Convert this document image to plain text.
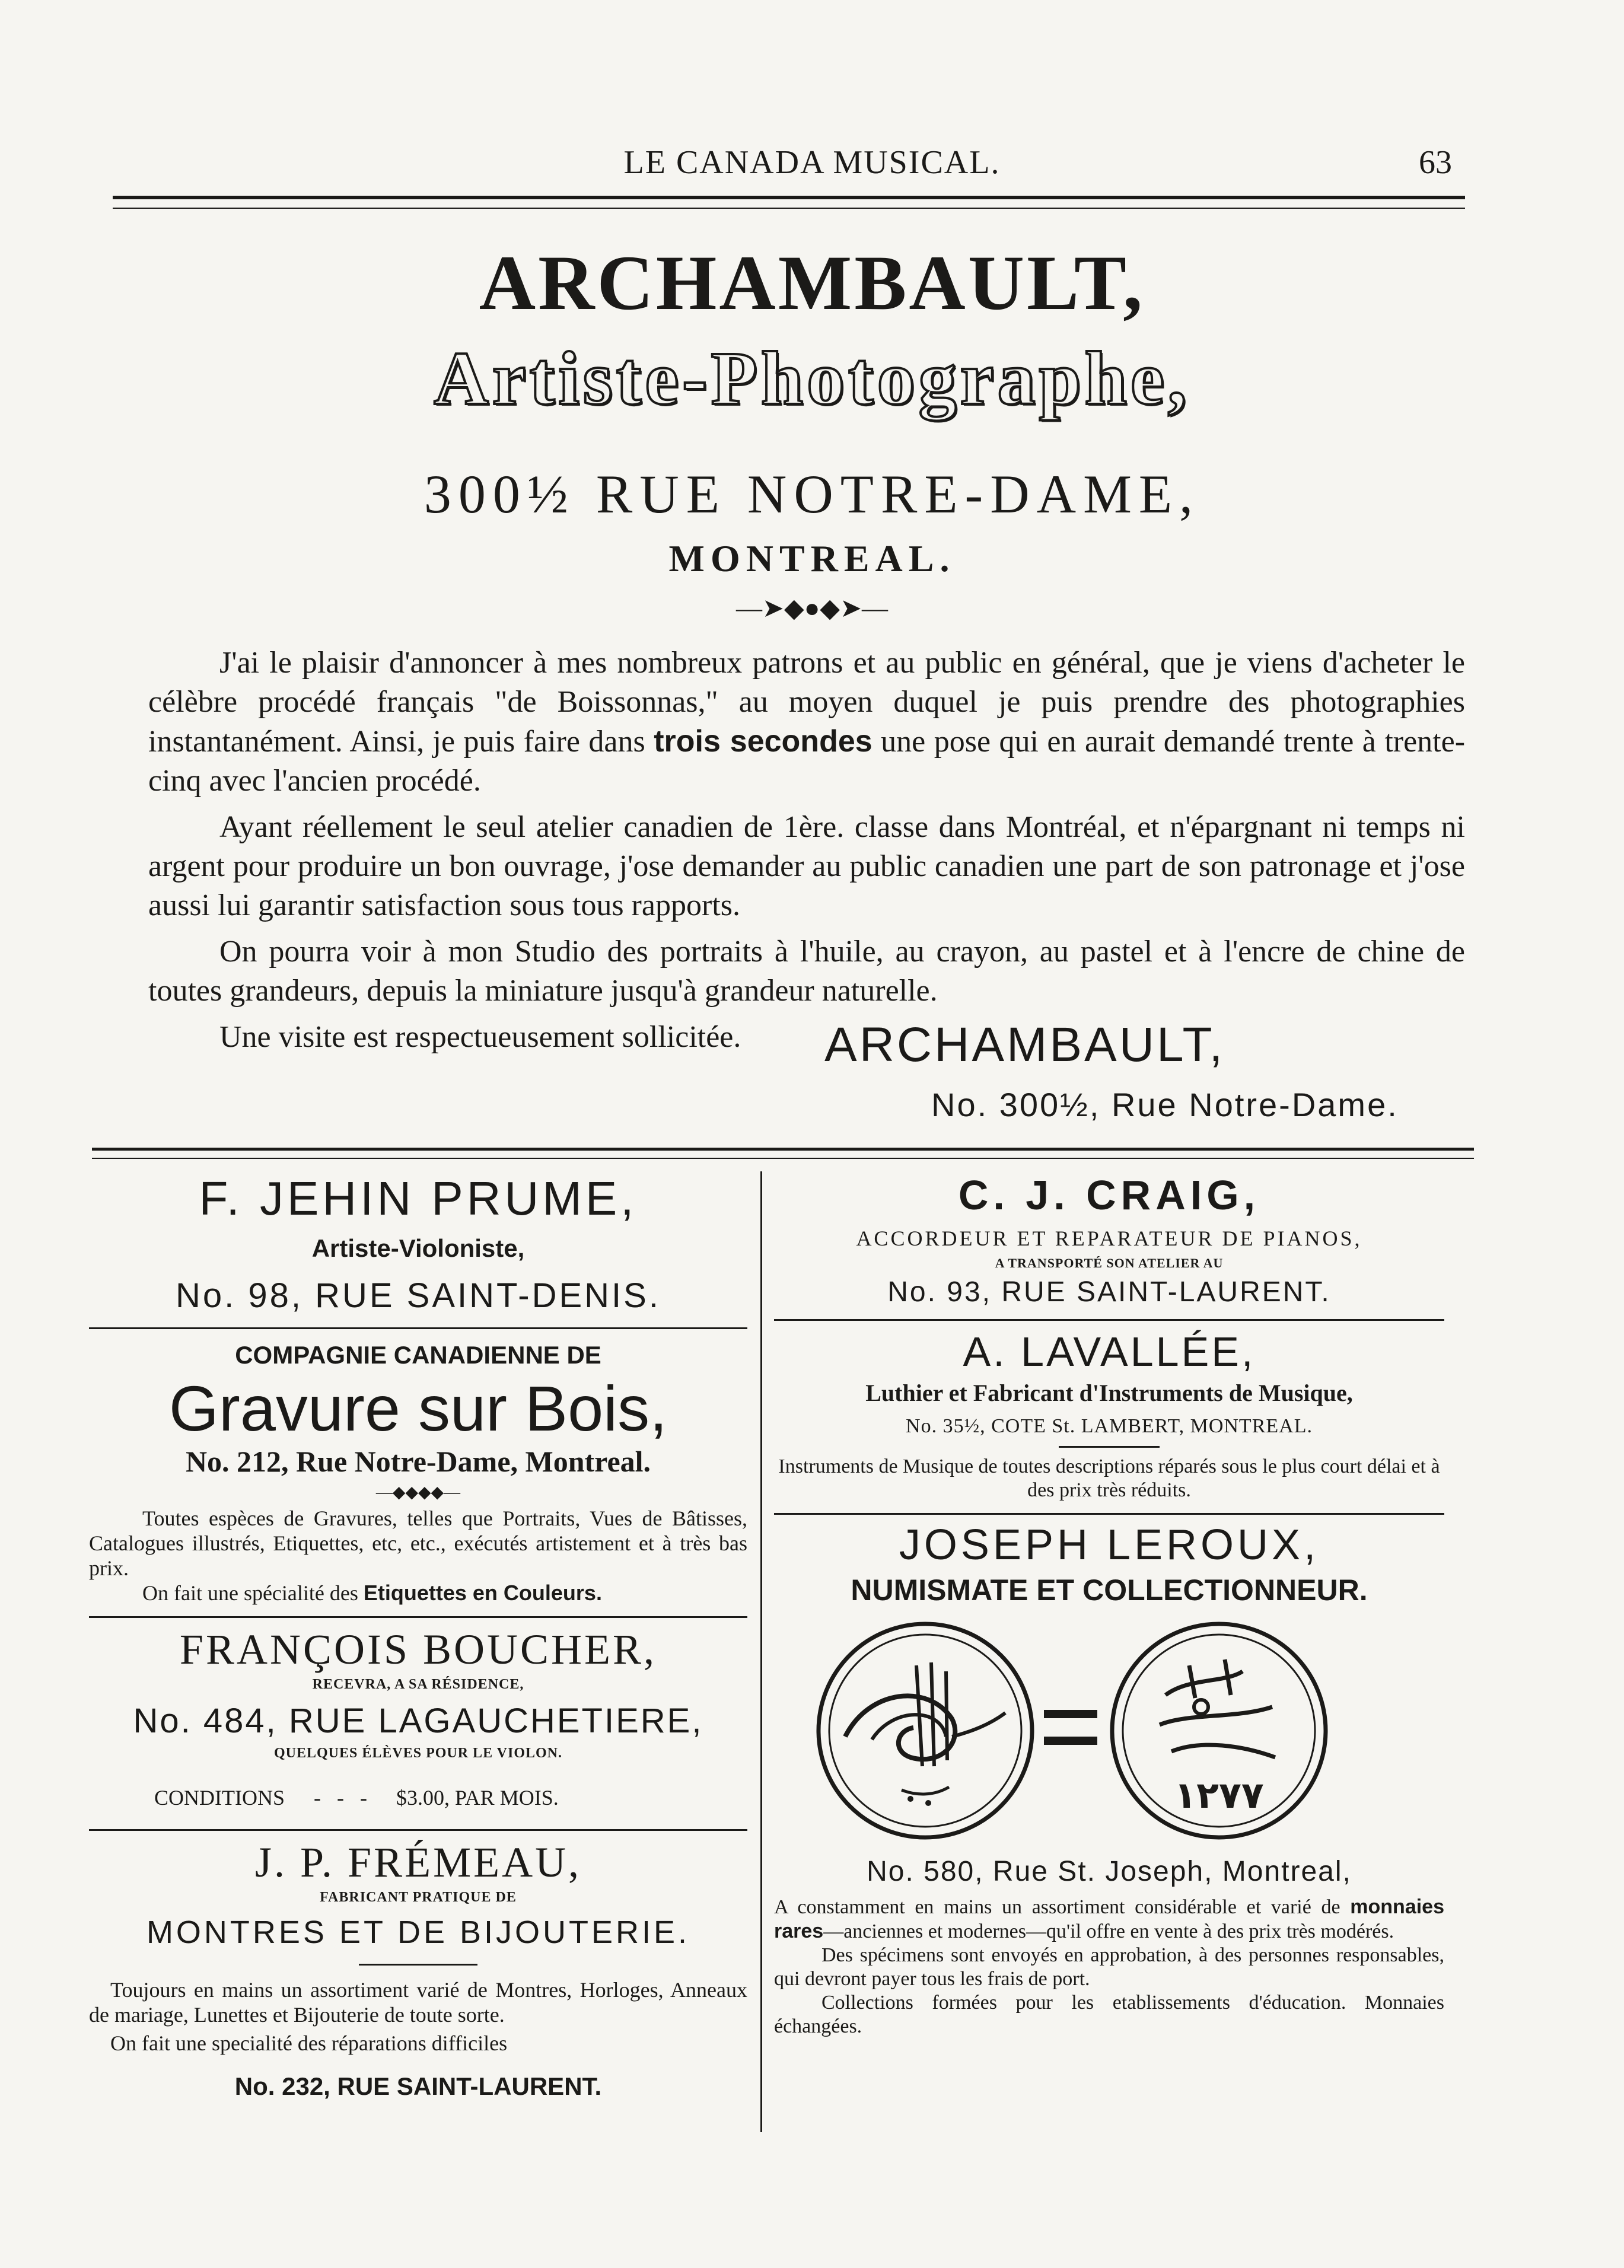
LE CANADA MUSICAL.	63
ARCHAMBAULT,
Artiste-Photographe,
300½ RUE NOTRE-DAME,
MONTREAL.
—➤◆●◆➤—

J'ai le plaisir d'annoncer à mes nombreux patrons et au public en général, que je viens d'acheter le célèbre procédé français "de Boissonnas," au moyen duquel je puis prendre des photographies instantanément. Ainsi, je puis faire dans trois secondes une pose qui en aurait demandé trente à trente-cinq avec l'ancien procédé.

Ayant réellement le seul atelier canadien de 1ère. classe dans Montréal, et n'épargnant ni temps ni argent pour produire un bon ouvrage, j'ose demander au public canadien une part de son patronage et j'ose aussi lui garantir satisfaction sous tous rapports.

On pourra voir à mon Studio des portraits à l'huile, au crayon, au pastel et à l'encre de chine de toutes grandeurs, depuis la miniature jusqu'à grandeur naturelle.

Une visite est respectueusement sollicitée.	ARCHAMBAULT,
No. 300½, Rue Notre-Dame.
F. JEHIN PRUME,
Artiste-Violoniste,
No. 98, RUE SAINT-DENIS.
COMPAGNIE CANADIENNE DE
Gravure sur Bois,
No. 212, Rue Notre-Dame, Montreal.
—◆◆◆◆—

Toutes espèces de Gravures, telles que Portraits, Vues de Bâtisses, Catalogues illustrés, Etiquettes, etc, etc., exécutés artistement et à très bas prix.

On fait une spécialité des Etiquettes en Couleurs.

FRANÇOIS BOUCHER,
RECEVRA, A SA RÉSIDENCE,
No. 484, RUE LAGAUCHETIERE,
QUELQUES ÉLÈVES POUR LE VIOLON.
CONDITIONS -   -   - $3.00, PAR MOIS.
J. P. FRÉMEAU,
FABRICANT PRATIQUE DE
MONTRES ET DE BIJOUTERIE.

Toujours en mains un assortiment varié de Montres, Horloges, Anneaux de mariage, Lunettes et Bijouterie de toute sorte.

On fait une specialité des réparations difficiles

No. 232, RUE SAINT-LAURENT.
C. J. CRAIG,
ACCORDEUR ET REPARATEUR DE PIANOS,
A TRANSPORTÉ SON ATELIER AU
No. 93, RUE SAINT-LAURENT.
A. LAVALLÉE,
Luthier et Fabricant d'Instruments de Musique,
No. 35½, COTE St. LAMBERT, MONTREAL.

Instruments de Musique de toutes descriptions réparés sous le plus court délai et à des prix très réduits.

JOSEPH LEROUX,
NUMISMATE ET COLLECTIONNEUR.
١٢٧٧
No. 580, Rue St. Joseph, Montreal,

A constamment en mains un assortiment considérable et varié de monnaies rares—anciennes et modernes—qu'il offre en vente à des prix très modérés.

Des spécimens sont envoyés en approbation, à des personnes responsables, qui devront payer tous les frais de port.

Collections formées pour les etablissements d'éducation. Monnaies échangées.
